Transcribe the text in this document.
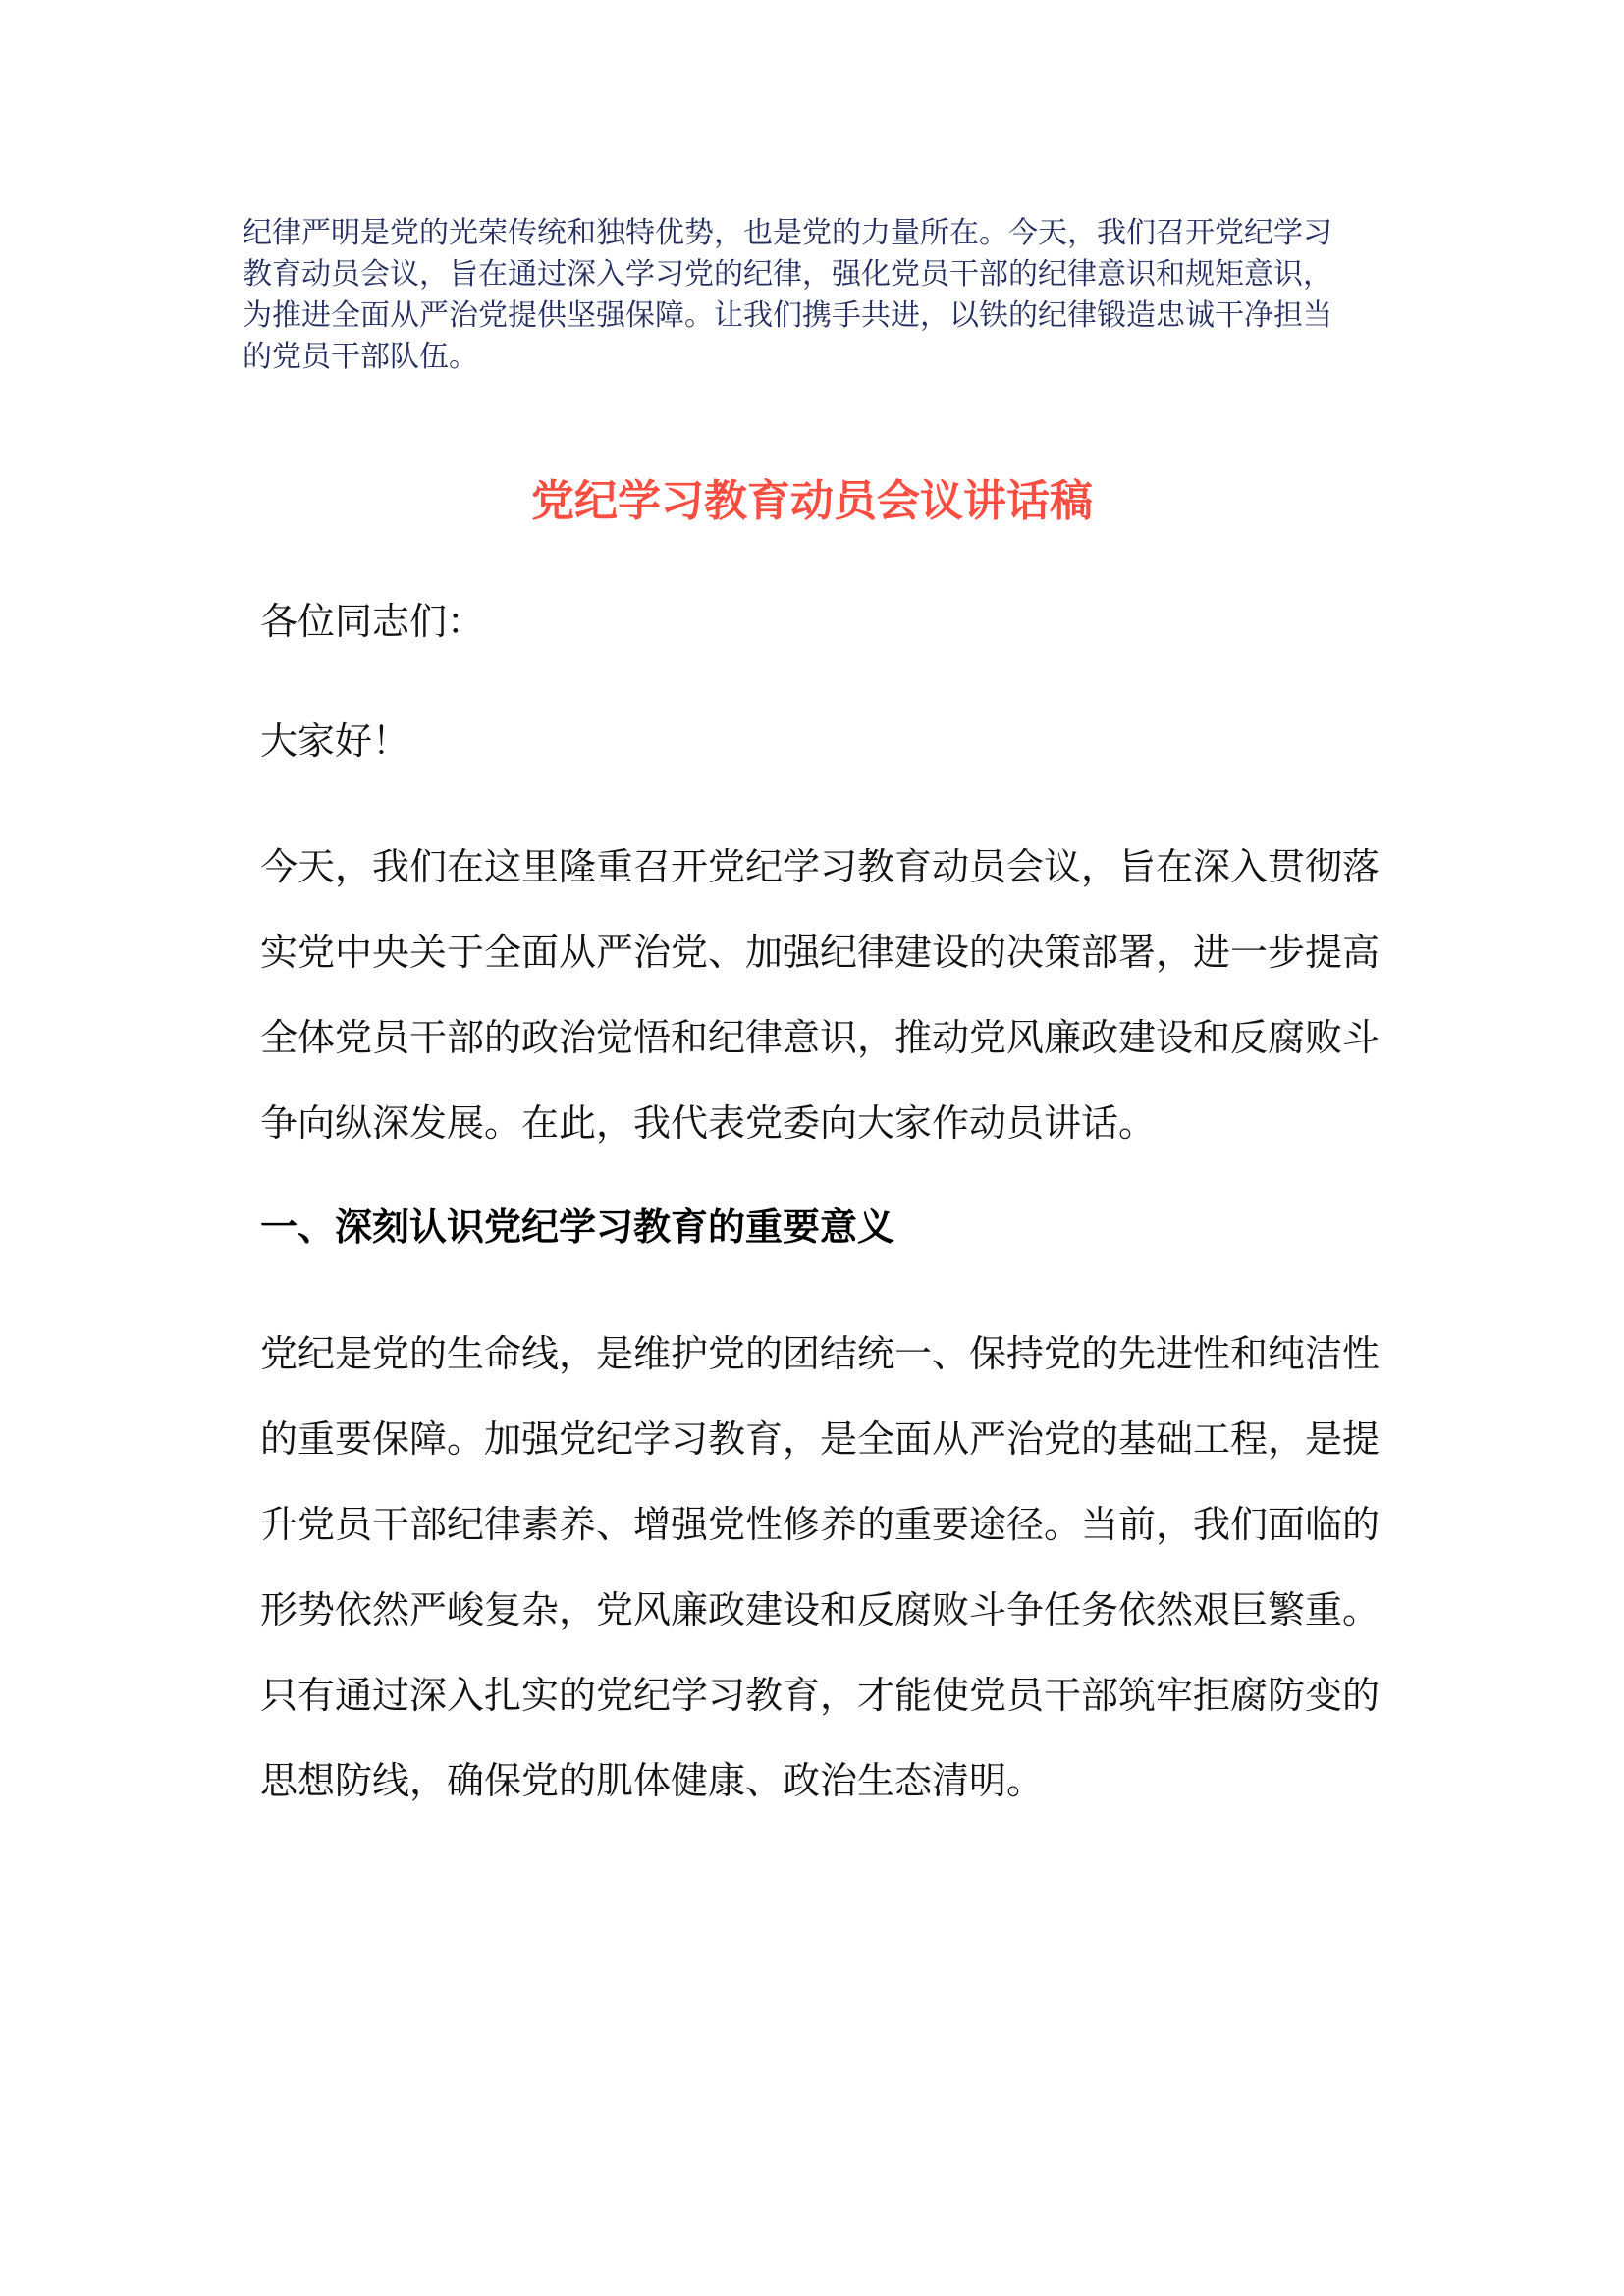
纪律严明是党的光荣传统和独特优势，也是党的力量所在。今天，我们召开党纪学习
教育动员会议，旨在通过深入学习党的纪律，强化党员干部的纪律意识和规矩意识，
为推进全面从严治党提供坚强保障。让我们携手共进，以铁的纪律锻造忠诚干净担当
的党员干部队伍。
党纪学习教育动员会议讲话稿
各位同志们：
大家好！
今天，我们在这里隆重召开党纪学习教育动员会议，旨在深入贯彻落
实党中央关于全面从严治党、加强纪律建设的决策部署，进一步提高
全体党员干部的政治觉悟和纪律意识，推动党风廉政建设和反腐败斗
争向纵深发展。在此，我代表党委向大家作动员讲话。
一、深刻认识党纪学习教育的重要意义
党纪是党的生命线，是维护党的团结统一、保持党的先进性和纯洁性
的重要保障。加强党纪学习教育，是全面从严治党的基础工程，是提
升党员干部纪律素养、增强党性修养的重要途径。当前，我们面临的
形势依然严峻复杂，党风廉政建设和反腐败斗争任务依然艰巨繁重。
只有通过深入扎实的党纪学习教育，才能使党员干部筑牢拒腐防变的
思想防线，确保党的肌体健康、政治生态清明。
